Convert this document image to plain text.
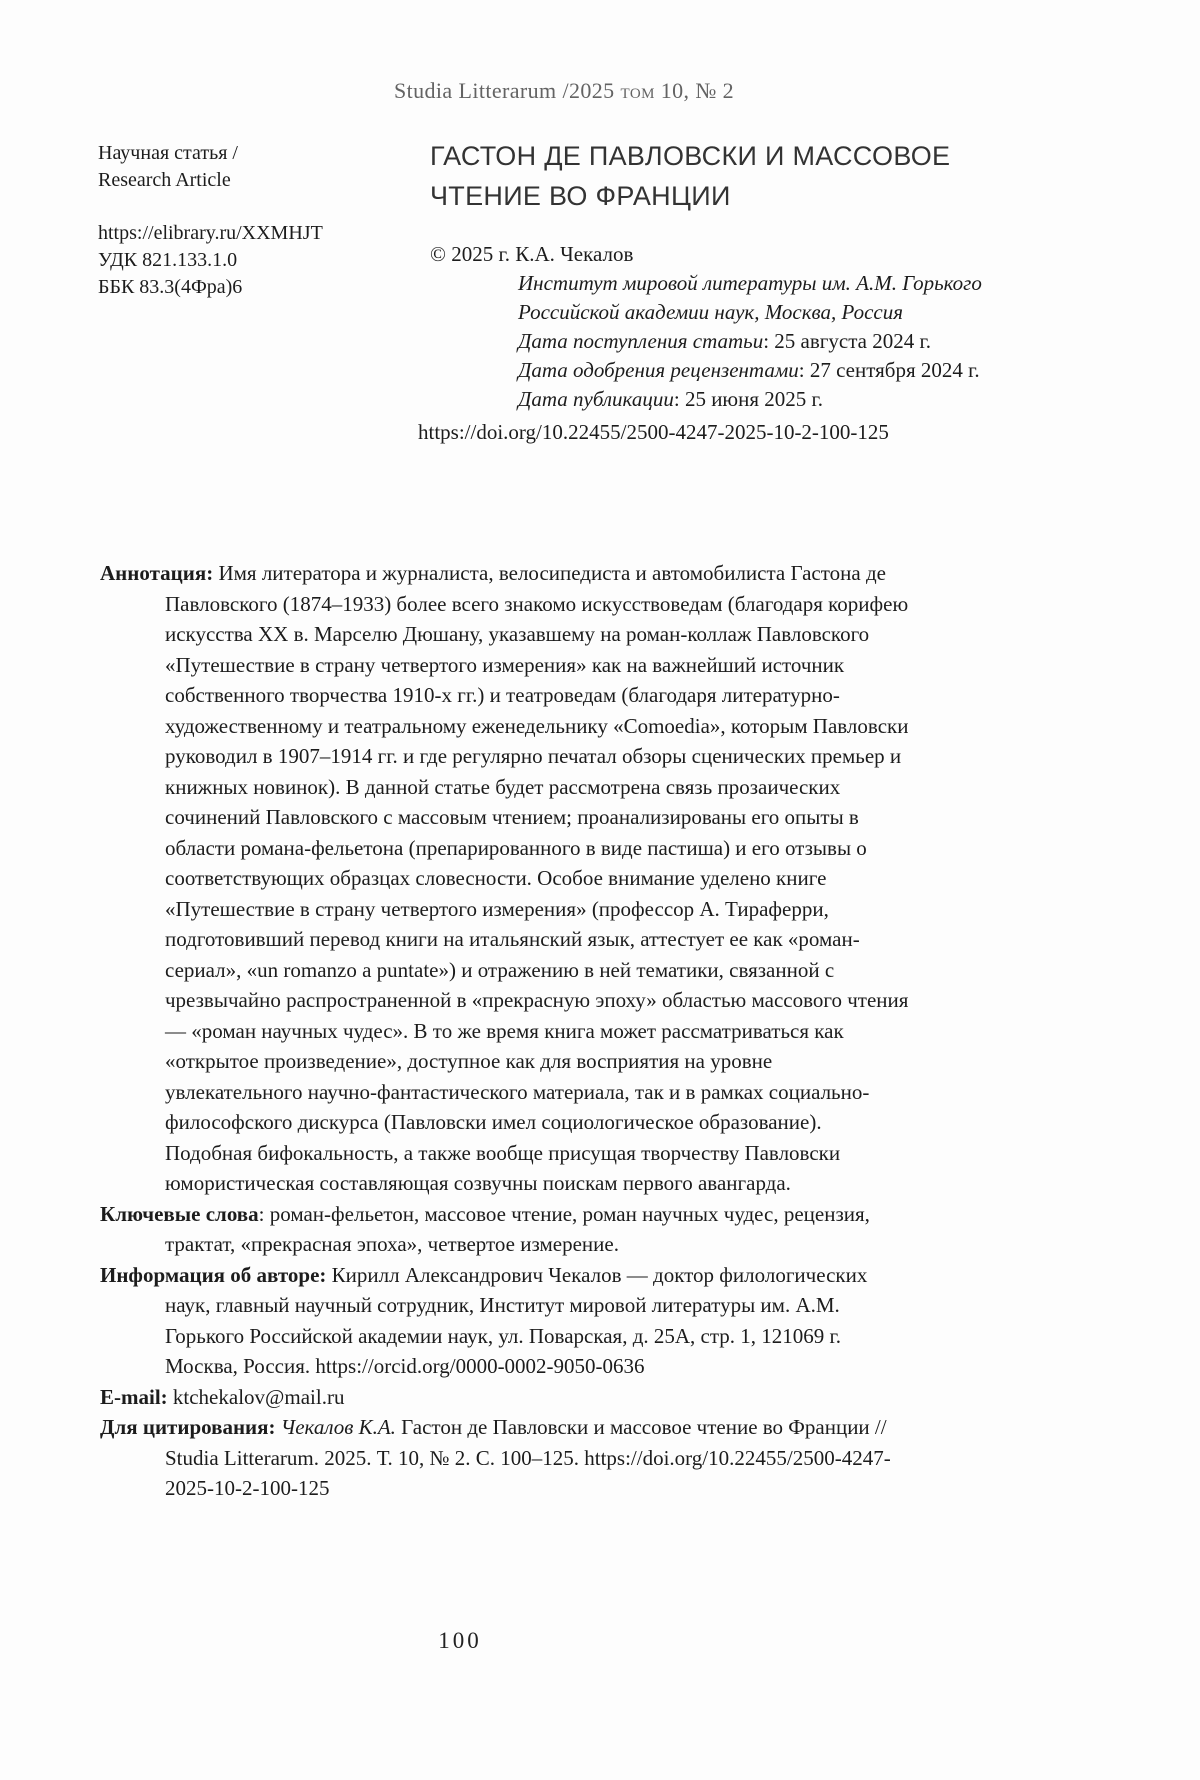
Studia Litterarum /2025 том 10, № 2
Научная статья /
Research Article
https://elibrary.ru/XXMHJT
УДК 821.133.1.0
ББК 83.3(4Фра)6
ГАСТОН ДЕ ПАВЛОВСКИ И МАССОВОЕ
ЧТЕНИЕ ВО ФРАНЦИИ
© 2025 г. К.А. Чекалов
Институт мировой литературы им. А.М. Горького
Российской академии наук, Москва, Россия
Дата поступления статьи: 25 августа 2024 г.
Дата одобрения рецензентами: 27 сентября 2024 г.
Дата публикации: 25 июня 2025 г.
https://doi.org/10.22455/2500-4247-2025-10-2-100-125

Аннотация: Имя литератора и журналиста, велосипедиста и автомобилиста Гастона де Павловского (1874–1933) более всего знакомо искусствоведам (благодаря корифею искусства XX в. Марселю Дюшану, указавшему на роман-коллаж Павловского «Путешествие в страну четвертого измерения» как на важнейший источник собственного творчества 1910-х гг.) и театроведам (благодаря литературно-художественному и театральному еженедельнику «Comoedia», которым Павловски руководил в 1907–1914 гг. и где регулярно печатал обзоры сценических премьер и книжных новинок). В данной статье будет рассмотрена связь прозаических сочинений Павловского с массовым чтением; проанализированы его опыты в области романа-фельетона (препарированного в виде пастиша) и его отзывы о соответствующих образцах словесности. Особое внимание уделено книге «Путешествие в страну четвертого измерения» (профессор А. Тираферри, подготовивший перевод книги на итальянский язык, аттестует ее как «роман-сериал», «un romanzo a puntate») и отражению в ней тематики, связанной с чрезвычайно распространенной в «прекрасную эпоху» областью массового чтения — «роман научных чудес». В то же время книга может рассматриваться как «открытое произведение», доступное как для восприятия на уровне увлекательного научно-фантастического материала, так и в рамках социально-философского дискурса (Павловски имел социологическое образование). Подобная бифокальность, а также вообще присущая творчеству Павловски юмористическая составляющая созвучны поискам первого авангарда.

Ключевые слова: роман-фельетон, массовое чтение, роман научных чудес, рецензия, трактат, «прекрасная эпоха», четвертое измерение.

Информация об авторе: Кирилл Александрович Чекалов — доктор филологических наук, главный научный сотрудник, Институт мировой литературы им. А.М. Горького Российской академии наук, ул. Поварская, д. 25А, стр. 1, 121069 г. Москва, Россия. https://orcid.org/0000-0002-9050-0636

E-mail: ktchekalov@mail.ru

Для цитирования: Чекалов К.А. Гастон де Павловски и массовое чтение во Франции // Studia Litterarum. 2025. Т. 10, № 2. С. 100–125. https://doi.org/10.22455/2500-4247-2025-10-2-100-125

100
